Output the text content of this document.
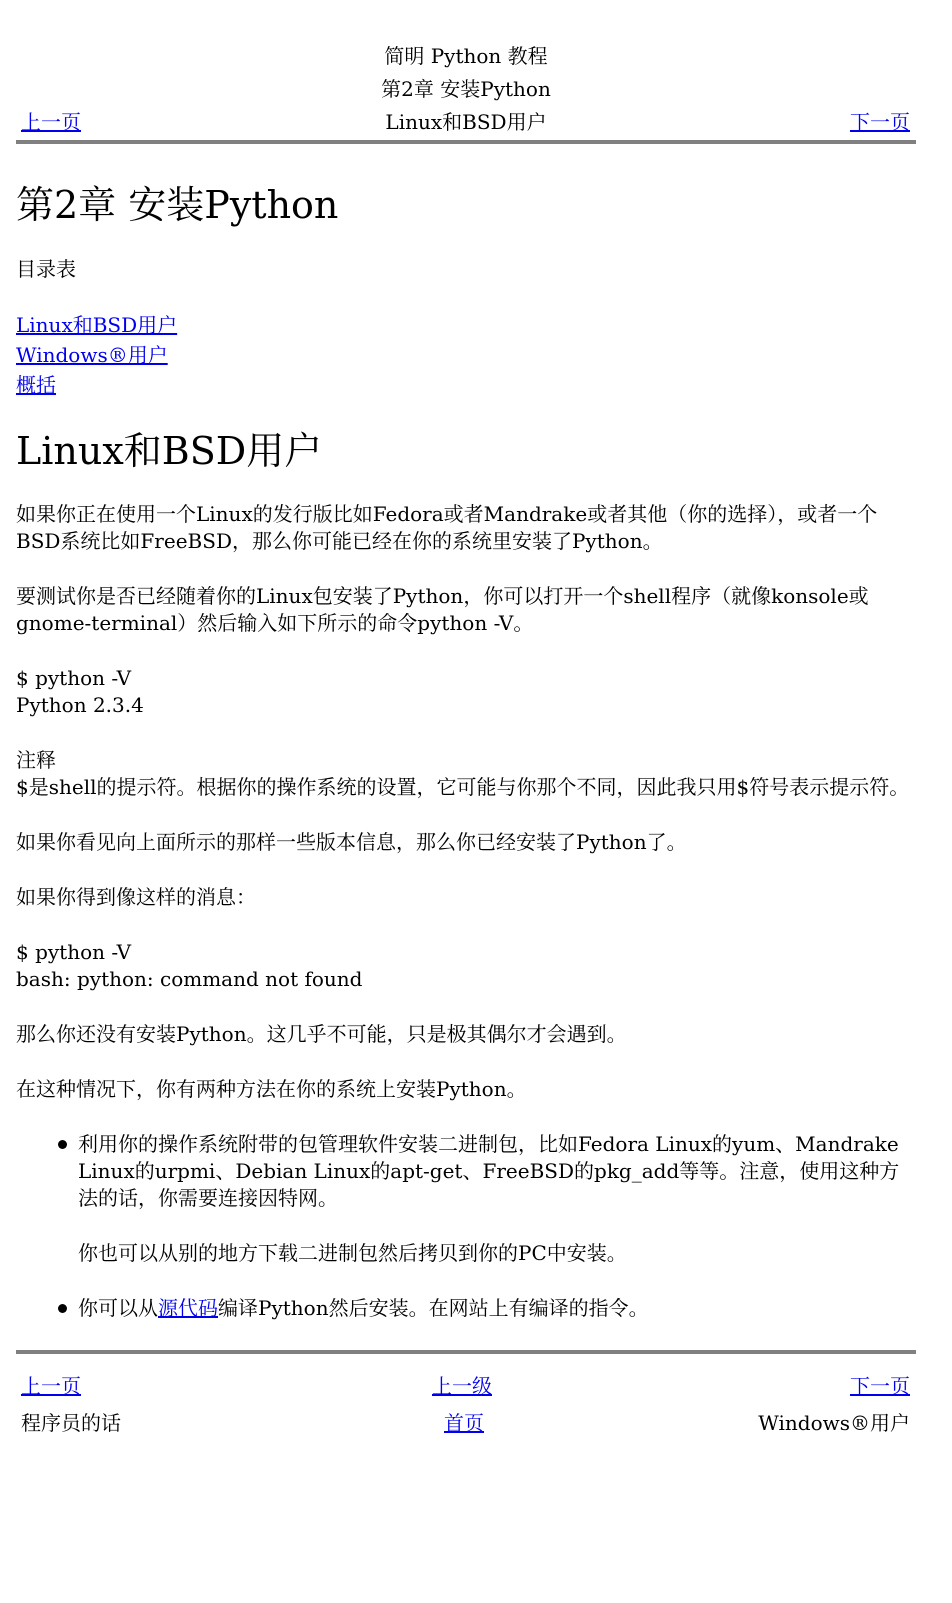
简明 Python 教程
第2章 安装Python
Linux和BSD用户
上一页	下一页
第2章 安装Python
目录表
Linux和BSD用户
Windows®用户
概括
Linux和BSD用户

如果你正在使用一个Linux的发行版比如Fedora或者Mandrake或者其他（你的选择），或者一个BSD系统比如FreeBSD，那么你可能已经在你的系统里安装了Python。

要测试你是否已经随着你的Linux包安装了Python，你可以打开一个shell程序（就像konsole或gnome-terminal）然后输入如下所示的命令python -V。

$ python -V
Python 2.3.4
注释

$是shell的提示符。根据你的操作系统的设置，它可能与你那个不同，因此我只用$符号表示提示符。

如果你看见向上面所示的那样一些版本信息，那么你已经安装了Python了。

如果你得到像这样的消息：

$ python -V
bash: python: command not found

那么你还没有安装Python。这几乎不可能，只是极其偶尔才会遇到。

在这种情况下，你有两种方法在你的系统上安装Python。

利用你的操作系统附带的包管理软件安装二进制包，比如Fedora Linux的yum、Mandrake Linux的urpmi、Debian Linux的apt-get、FreeBSD的pkg_add等等。注意，使用这种方法的话，你需要连接因特网。
你也可以从别的地方下载二进制包然后拷贝到你的PC中安装。
你可以从源代码编译Python然后安装。在网站上有编译的指令。
上一页	上一级	下一页
程序员的话	首页	Windows®用户
